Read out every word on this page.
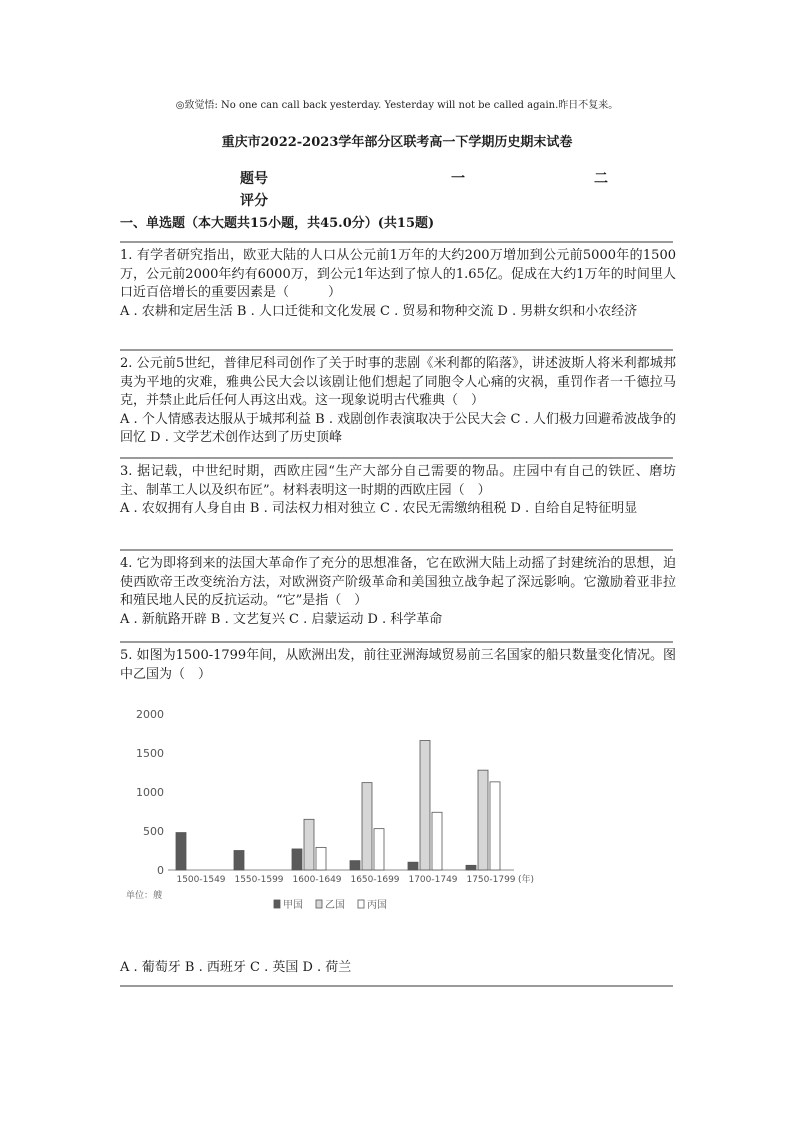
◎致觉悟: No one can call back yesterday. Yesterday will not be called again.昨日不复来。
重庆市2022-2023学年部分区联考高一下学期历史期末试卷
题号	一	二
评分
一、单选题（本大题共15小题，共45.0分）(共15题)

1. 有学者研究指出，欧亚大陆的人口从公元前1万年的大约200万增加到公元前5000年的1500万，公元前2000年约有6000万，到公元1年达到了惊人的1.65亿。促成在大约1万年的时间里人口近百倍增长的重要因素是（　　　）

A . 农耕和定居生活 B . 人口迁徙和文化发展 C . 贸易和物种交流 D . 男耕女织和小农经济

2. 公元前5世纪，普律尼科司创作了关于时事的悲剧《米利都的陷落》，讲述波斯人将米利都城邦夷为平地的灾难，雅典公民大会以该剧让他们想起了同胞令人心痛的灾祸，重罚作者一千德拉马克，并禁止此后任何人再这出戏。这一现象说明古代雅典（　）

A . 个人情感表达服从于城邦利益 B . 戏剧创作表演取决于公民大会 C . 人们极力回避希波战争的回忆 D . 文学艺术创作达到了历史顶峰

3. 据记载，中世纪时期，西欧庄园“生产大部分自己需要的物品。庄园中有自己的铁匠、磨坊主、制革工人以及织布匠”。材料表明这一时期的西欧庄园（　）

A . 农奴拥有人身自由 B . 司法权力相对独立 C . 农民无需缴纳租税 D . 自给自足特征明显

4. 它为即将到来的法国大革命作了充分的思想准备，它在欧洲大陆上动摇了封建统治的思想，迫使西欧帝王改变统治方法，对欧洲资产阶级革命和美国独立战争起了深远影响。它激励着亚非拉和殖民地人民的反抗运动。“它”是指（　）

A . 新航路开辟 B . 文艺复兴 C . 启蒙运动 D . 科学革命

5. 如图为1500-1799年间，从欧洲出发，前往亚洲海域贸易前三名国家的船只数量变化情况。图中乙国为（　）

0
500
1000
1500
2000
1500-1549 1550-1599 1600-1649 1650-1699 1700-1749 1750-1799 (年)
单位：艘
甲国 乙国 丙国
A . 葡萄牙 B . 西班牙 C . 英国 D . 荷兰
